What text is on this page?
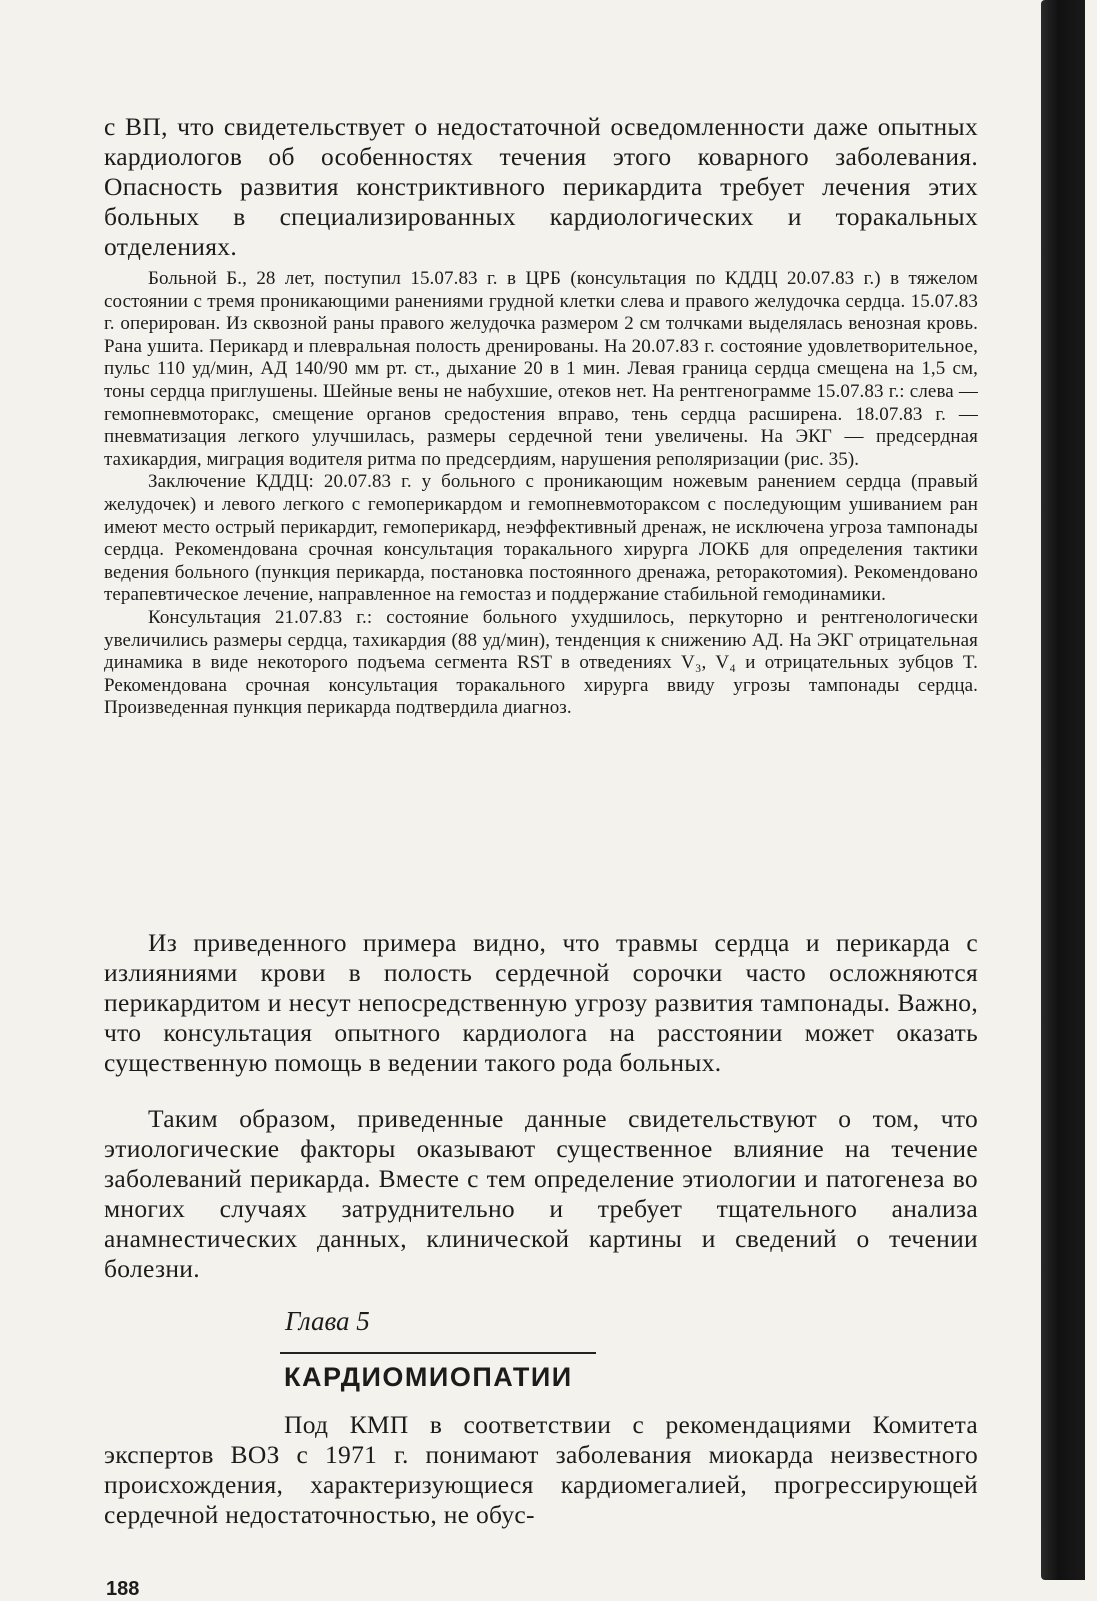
с ВП, что свидетельствует о недостаточной осведомленности даже опытных кардиологов об особенностях течения этого коварного заболевания. Опасность развития констриктивного перикардита требует лечения этих больных в специализированных кардиологических и торакальных отделениях.

Больной Б., 28 лет, поступил 15.07.83 г. в ЦРБ (консультация по КДДЦ 20.07.83 г.) в тяжелом состоянии с тремя проникающими ранениями грудной клетки слева и правого желудочка сердца. 15.07.83 г. оперирован. Из сквозной раны правого желудочка размером 2 см толчками выделялась венозная кровь. Рана ушита. Перикард и плевральная полость дренированы. На 20.07.83 г. состояние удовлетворительное, пульс 110 уд/мин, АД 140/90 мм рт. ст., дыхание 20 в 1 мин. Левая граница сердца смещена на 1,5 см, тоны сердца приглушены. Шейные вены не набухшие, отеков нет. На рентгенограмме 15.07.83 г.: слева — гемопневмоторакс, смещение органов средостения вправо, тень сердца расширена. 18.07.83 г. — пневматизация легкого улучшилась, размеры сердечной тени увеличены. На ЭКГ — предсердная тахикардия, миграция водителя ритма по предсердиям, нарушения реполяризации (рис. 35).

Заключение КДДЦ: 20.07.83 г. у больного с проникающим ножевым ранением сердца (правый желудочек) и левого легкого с гемоперикардом и гемопневмотораксом с последующим ушиванием ран имеют место острый перикардит, гемоперикард, неэффективный дренаж, не исключена угроза тампонады сердца. Рекомендована срочная консультация торакального хирурга ЛОКБ для определения тактики ведения больного (пункция перикарда, постановка постоянного дренажа, реторакотомия). Рекомендовано терапевтическое лечение, направленное на гемостаз и поддержание стабильной гемодинамики.

Консультация 21.07.83 г.: состояние больного ухудшилось, перкуторно и рентгенологически увеличились размеры сердца, тахикардия (88 уд/мин), тенденция к снижению АД. На ЭКГ отрицательная динамика в виде некоторого подъема сегмента RST в отведениях V₃, V₄ и отрицательных зубцов T. Рекомендована срочная консультация торакального хирурга ввиду угрозы тампонады сердца. Произведенная пункция перикарда подтвердила диагноз.

Из приведенного примера видно, что травмы сердца и перикарда с излияниями крови в полость сердечной сорочки часто осложняются перикардитом и несут непосредственную угрозу развития тампонады. Важно, что консультация опытного кардиолога на расстоянии может оказать существенную помощь в ведении такого рода больных.

Таким образом, приведенные данные свидетельствуют о том, что этиологические факторы оказывают существенное влияние на течение заболеваний перикарда. Вместе с тем определение этиологии и патогенеза во многих случаях затруднительно и требует тщательного анализа анамнестических данных, клинической картины и сведений о течении болезни.

Глава 5

КАРДИОМИОПАТИИ

Под КМП в соответствии с рекомендациями Комитета экспертов ВОЗ с 1971 г. понимают заболевания миокарда неизвестного происхождения, характеризующиеся кардиомегалией, прогрессирующей сердечной недостаточностью, не обус-

188
